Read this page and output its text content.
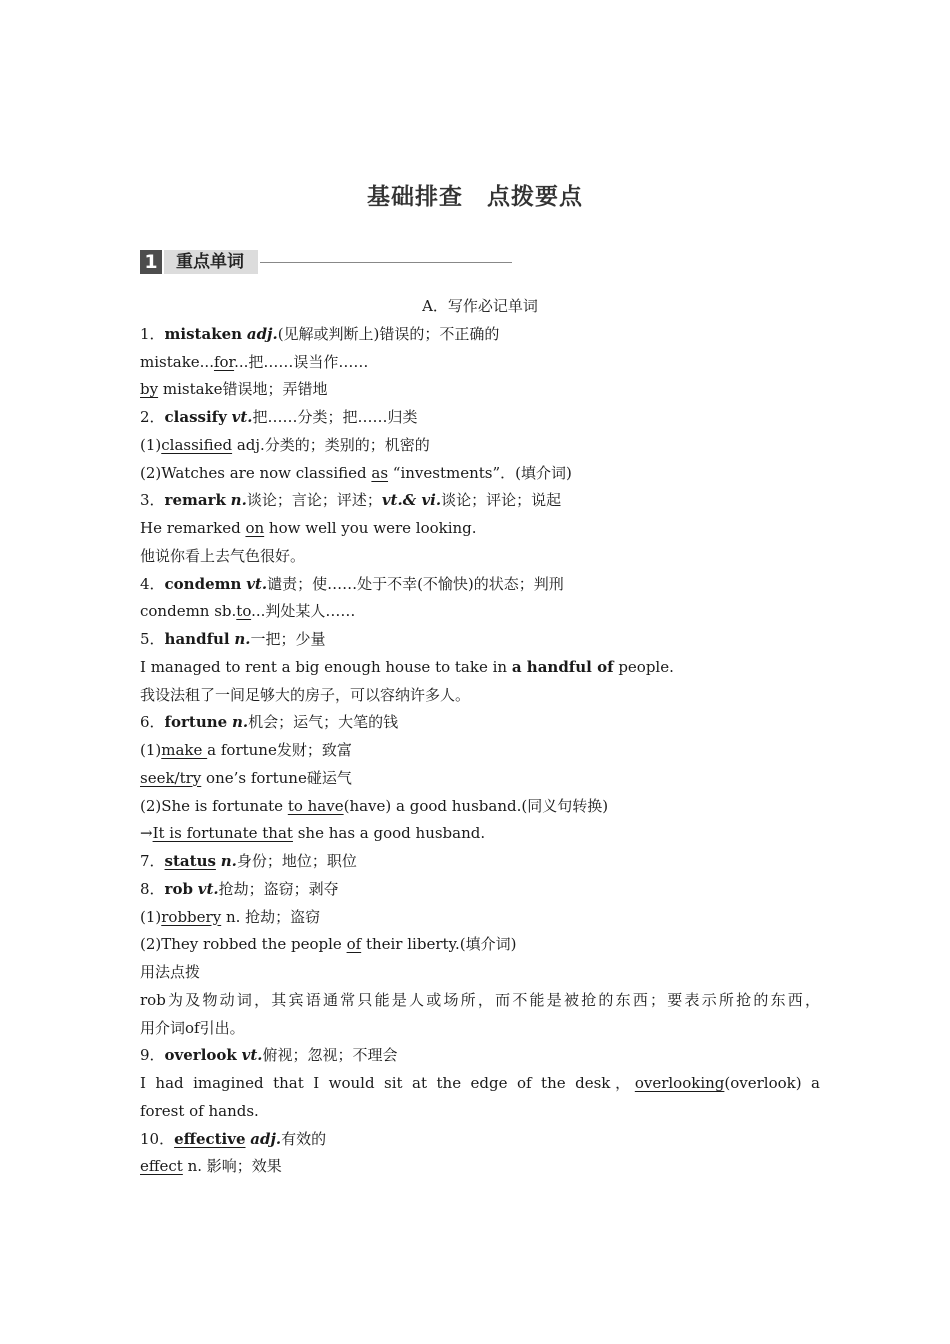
基础排查　点拨要点
1	重点单词
A．写作必记单词
1．mistaken adj.(见解或判断上)错误的；不正确的
mistake...for...把……误当作……
by mistake错误地；弄错地
2．classify vt.把……分类；把……归类
(1)classified adj.分类的；类别的；机密的
(2)Watches are now classified as “investments”．(填介词)
3．remark n.谈论；言论；评述；vt.& vi.谈论；评论；说起
He remarked on how well you were looking.
他说你看上去气色很好。
4．condemn vt.谴责；使……处于不幸(不愉快)的状态；判刑
condemn sb.to...判处某人……
5．handful n.一把；少量
I managed to rent a big enough house to take in a handful of people.
我设法租了一间足够大的房子，可以容纳许多人。
6．fortune n.机会；运气；大笔的钱
(1)make a fortune发财；致富
seek/try one’s fortune碰运气
(2)She is fortunate to have(have) a good husband.(同义句转换)
→It is fortunate that she has a good husband.
7．status n.身份；地位；职位
8．rob vt.抢劫；盗窃；剥夺
(1)robbery n. 抢劫；盗窃
(2)They robbed the people of their liberty.(填介词)
用法点拨
rob为及物动词，其宾语通常只能是人或场所，而不能是被抢的东西；要表示所抢的东西，
用介词of引出。
9．overlook vt.俯视；忽视；不理会
I had imagined that I would sit at the edge of the desk，overlooking(overlook) a
forest of hands.
10．effective adj.有效的
effect n. 影响；效果
